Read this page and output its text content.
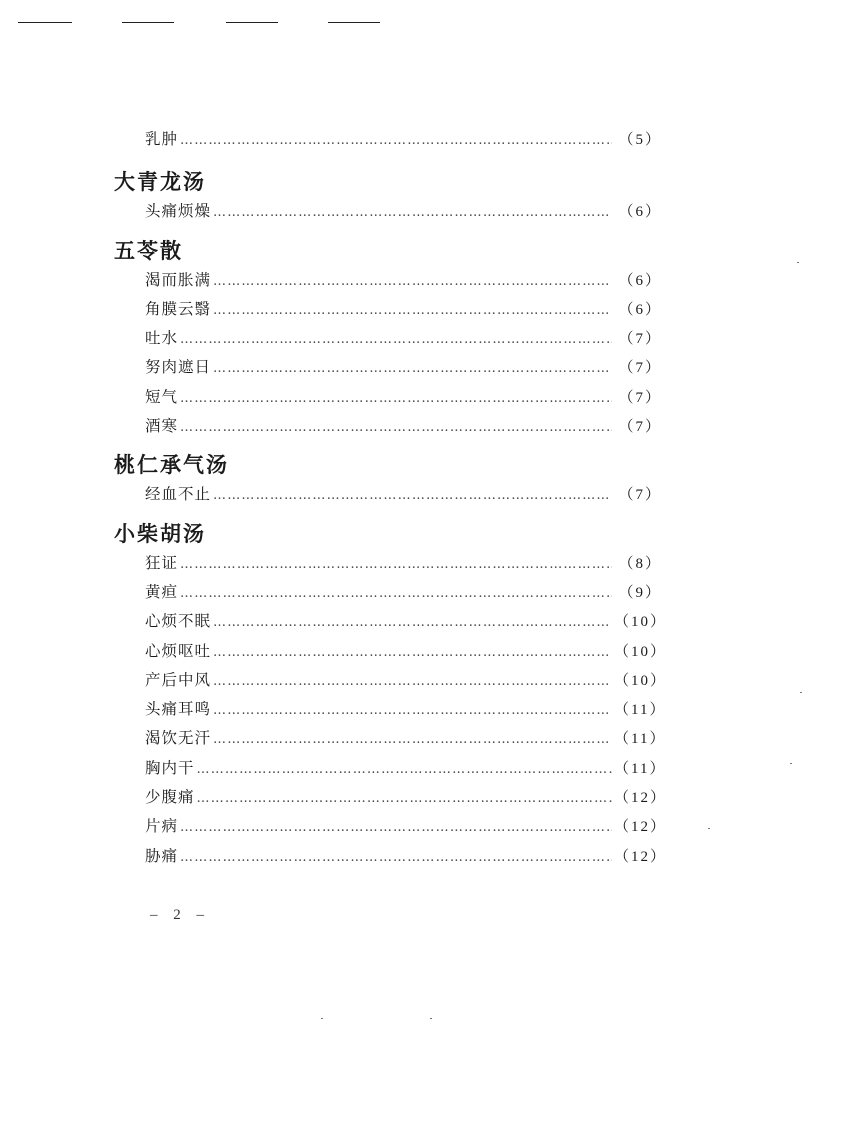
乳肿 ……………………………………………………………………………………………………………………………………	（5）
大青龙汤
头痛烦燥 ……………………………………………………………………………………………………………………………………	（6）
五苓散
渴而胀满 ……………………………………………………………………………………………………………………………………	（6）
角膜云翳 ……………………………………………………………………………………………………………………………………	（6）
吐水 ……………………………………………………………………………………………………………………………………	（7）
努肉遮日 ……………………………………………………………………………………………………………………………………	（7）
短气 ……………………………………………………………………………………………………………………………………	（7）
酒寒 ……………………………………………………………………………………………………………………………………	（7）
桃仁承气汤
经血不止 ……………………………………………………………………………………………………………………………………	（7）
小柴胡汤
狂证 ……………………………………………………………………………………………………………………………………	（8）
黄疸 ……………………………………………………………………………………………………………………………………	（9）
心烦不眠 ……………………………………………………………………………………………………………………………………	（10）
心烦呕吐 ……………………………………………………………………………………………………………………………………	（10）
产后中风 ……………………………………………………………………………………………………………………………………	（10）
头痛耳鸣 ……………………………………………………………………………………………………………………………………	（11）
渴饮无汗 ……………………………………………………………………………………………………………………………………	（11）
胸内干 ……………………………………………………………………………………………………………………………………	（11）
少腹痛 ……………………………………………………………………………………………………………………………………	（12）
片病 ……………………………………………………………………………………………………………………………………	（12）
胁痛 ……………………………………………………………………………………………………………………………………	（12）
– 2 –
